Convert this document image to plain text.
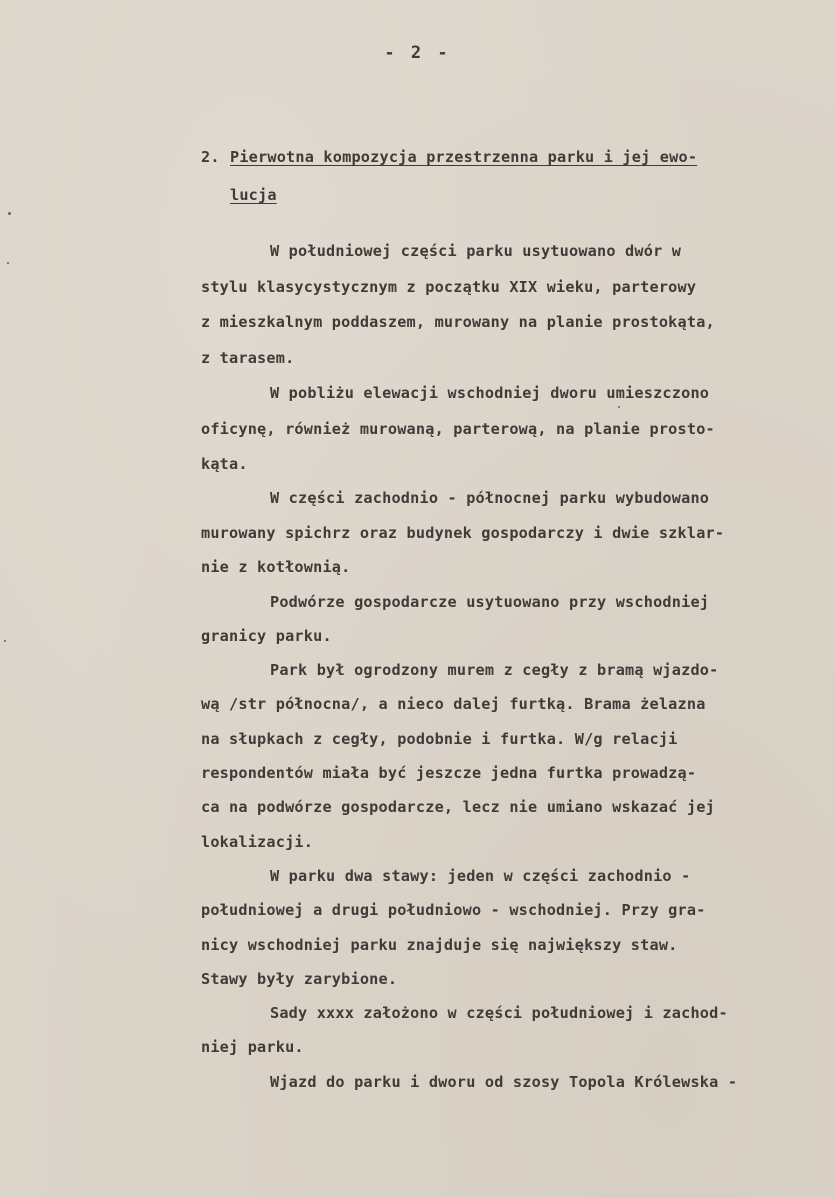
- 2 -
2. Pierwotna kompozycja przestrzenna parku i jej ewo-
lucja
W południowej części parku usytuowano dwór w
stylu klasycystycznym z początku XIX wieku, parterowy
z mieszkalnym poddaszem, murowany na planie prostokąta,
z tarasem.
W pobliżu elewacji wschodniej dworu umieszczono
oficynę, również murowaną, parterową, na planie prosto-
kąta.
W części zachodnio - północnej parku wybudowano
murowany spichrz oraz budynek gospodarczy i dwie szklar-
nie z kotłownią.
Podwórze gospodarcze usytuowano przy wschodniej
granicy parku.
Park był ogrodzony murem z cegły z bramą wjazdo-
wą /str północna/, a nieco dalej furtką. Brama żelazna
na słupkach z cegły, podobnie i furtka. W/g relacji
respondentów miała być jeszcze jedna furtka prowadzą-
ca na podwórze gospodarcze, lecz nie umiano wskazać jej
lokalizacji.
W parku dwa stawy: jeden w części zachodnio -
południowej a drugi południowo - wschodniej. Przy gra-
nicy wschodniej parku znajduje się największy staw.
Stawy były zarybione.
Sady xxxx założono w części południowej i zachod-
niej parku.
Wjazd do parku i dworu od szosy Topola Królewska -
